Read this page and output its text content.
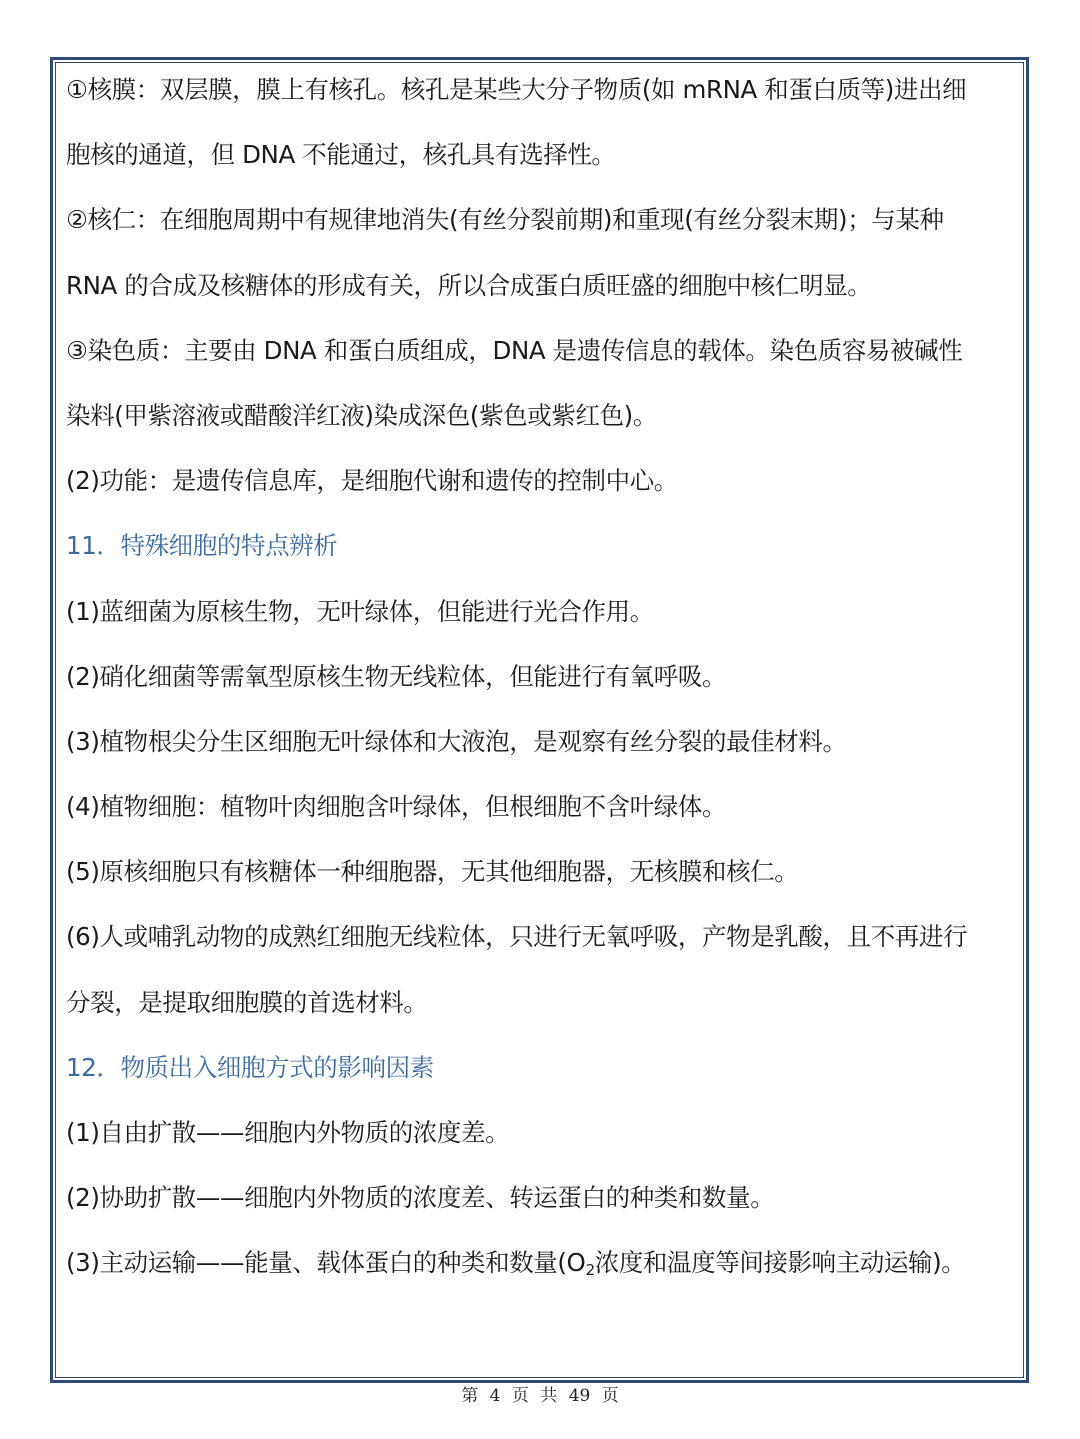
①核膜：双层膜，膜上有核孔。核孔是某些大分子物质(如 mRNA 和蛋白质等)进出细
胞核的通道，但 DNA 不能通过，核孔具有选择性。
②核仁：在细胞周期中有规律地消失(有丝分裂前期)和重现(有丝分裂末期)；与某种
RNA 的合成及核糖体的形成有关，所以合成蛋白质旺盛的细胞中核仁明显。
③染色质：主要由 DNA 和蛋白质组成，DNA 是遗传信息的载体。染色质容易被碱性
染料(甲紫溶液或醋酸洋红液)染成深色(紫色或紫红色)。
(2)功能：是遗传信息库，是细胞代谢和遗传的控制中心。
11．特殊细胞的特点辨析
(1)蓝细菌为原核生物，无叶绿体，但能进行光合作用。
(2)硝化细菌等需氧型原核生物无线粒体，但能进行有氧呼吸。
(3)植物根尖分生区细胞无叶绿体和大液泡，是观察有丝分裂的最佳材料。
(4)植物细胞：植物叶肉细胞含叶绿体，但根细胞不含叶绿体。
(5)原核细胞只有核糖体一种细胞器，无其他细胞器，无核膜和核仁。
(6)人或哺乳动物的成熟红细胞无线粒体，只进行无氧呼吸，产物是乳酸，且不再进行
分裂，是提取细胞膜的首选材料。
12．物质出入细胞方式的影响因素
(1)自由扩散——细胞内外物质的浓度差。
(2)协助扩散——细胞内外物质的浓度差、转运蛋白的种类和数量。
(3)主动运输——能量、载体蛋白的种类和数量($O_2$浓度和温度等间接影响主动运输)。
第 4 页 共 49 页
